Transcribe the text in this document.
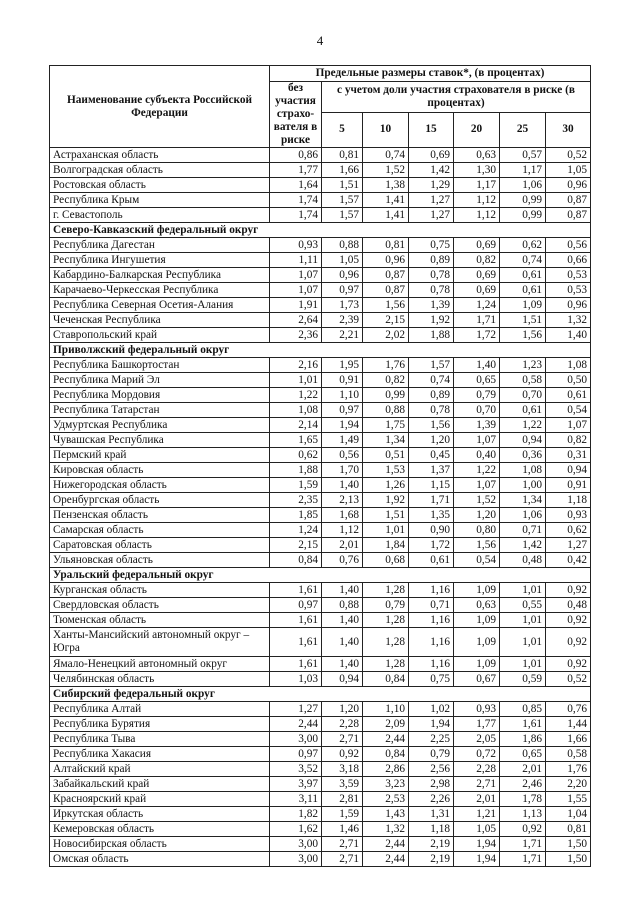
4
Наименование субъекта Российской Федерации	Предельные размеры ставок*, (в процентах)						
	без участия страхо-вателя в риске	с учетом доли участия страхователя в риске (в процентах)					
		5	10	15	20	25	30
Астраханская область	0,86	0,81	0,74	0,69	0,63	0,57	0,52
Волгоградская область	1,77	1,66	1,52	1,42	1,30	1,17	1,05
Ростовская область	1,64	1,51	1,38	1,29	1,17	1,06	0,96
Республика Крым	1,74	1,57	1,41	1,27	1,12	0,99	0,87
г. Севастополь	1,74	1,57	1,41	1,27	1,12	0,99	0,87
Северо-Кавказский федеральный округ							
Республика Дагестан	0,93	0,88	0,81	0,75	0,69	0,62	0,56
Республика Ингушетия	1,11	1,05	0,96	0,89	0,82	0,74	0,66
Кабардино-Балкарская Республика	1,07	0,96	0,87	0,78	0,69	0,61	0,53
Карачаево-Черкесская Республика	1,07	0,97	0,87	0,78	0,69	0,61	0,53
Республика Северная Осетия-Алания	1,91	1,73	1,56	1,39	1,24	1,09	0,96
Чеченская Республика	2,64	2,39	2,15	1,92	1,71	1,51	1,32
Ставропольский край	2,36	2,21	2,02	1,88	1,72	1,56	1,40
Приволжский федеральный округ							
Республика Башкортостан	2,16	1,95	1,76	1,57	1,40	1,23	1,08
Республика Марий Эл	1,01	0,91	0,82	0,74	0,65	0,58	0,50
Республика Мордовия	1,22	1,10	0,99	0,89	0,79	0,70	0,61
Республика Татарстан	1,08	0,97	0,88	0,78	0,70	0,61	0,54
Удмуртская Республика	2,14	1,94	1,75	1,56	1,39	1,22	1,07
Чувашская Республика	1,65	1,49	1,34	1,20	1,07	0,94	0,82
Пермский край	0,62	0,56	0,51	0,45	0,40	0,36	0,31
Кировская область	1,88	1,70	1,53	1,37	1,22	1,08	0,94
Нижегородская область	1,59	1,40	1,26	1,15	1,07	1,00	0,91
Оренбургская область	2,35	2,13	1,92	1,71	1,52	1,34	1,18
Пензенская область	1,85	1,68	1,51	1,35	1,20	1,06	0,93
Самарская область	1,24	1,12	1,01	0,90	0,80	0,71	0,62
Саратовская область	2,15	2,01	1,84	1,72	1,56	1,42	1,27
Ульяновская область	0,84	0,76	0,68	0,61	0,54	0,48	0,42
Уральский федеральный округ							
Курганская область	1,61	1,40	1,28	1,16	1,09	1,01	0,92
Свердловская область	0,97	0,88	0,79	0,71	0,63	0,55	0,48
Тюменская область	1,61	1,40	1,28	1,16	1,09	1,01	0,92
Ханты-Мансийский автономный округ – Югра	1,61	1,40	1,28	1,16	1,09	1,01	0,92
Ямало-Ненецкий автономный округ	1,61	1,40	1,28	1,16	1,09	1,01	0,92
Челябинская область	1,03	0,94	0,84	0,75	0,67	0,59	0,52
Сибирский федеральный округ							
Республика Алтай	1,27	1,20	1,10	1,02	0,93	0,85	0,76
Республика Бурятия	2,44	2,28	2,09	1,94	1,77	1,61	1,44
Республика Тыва	3,00	2,71	2,44	2,25	2,05	1,86	1,66
Республика Хакасия	0,97	0,92	0,84	0,79	0,72	0,65	0,58
Алтайский край	3,52	3,18	2,86	2,56	2,28	2,01	1,76
Забайкальский край	3,97	3,59	3,23	2,98	2,71	2,46	2,20
Красноярский край	3,11	2,81	2,53	2,26	2,01	1,78	1,55
Иркутская область	1,82	1,59	1,43	1,31	1,21	1,13	1,04
Кемеровская область	1,62	1,46	1,32	1,18	1,05	0,92	0,81
Новосибирская область	3,00	2,71	2,44	2,19	1,94	1,71	1,50
Омская область	3,00	2,71	2,44	2,19	1,94	1,71	1,50
